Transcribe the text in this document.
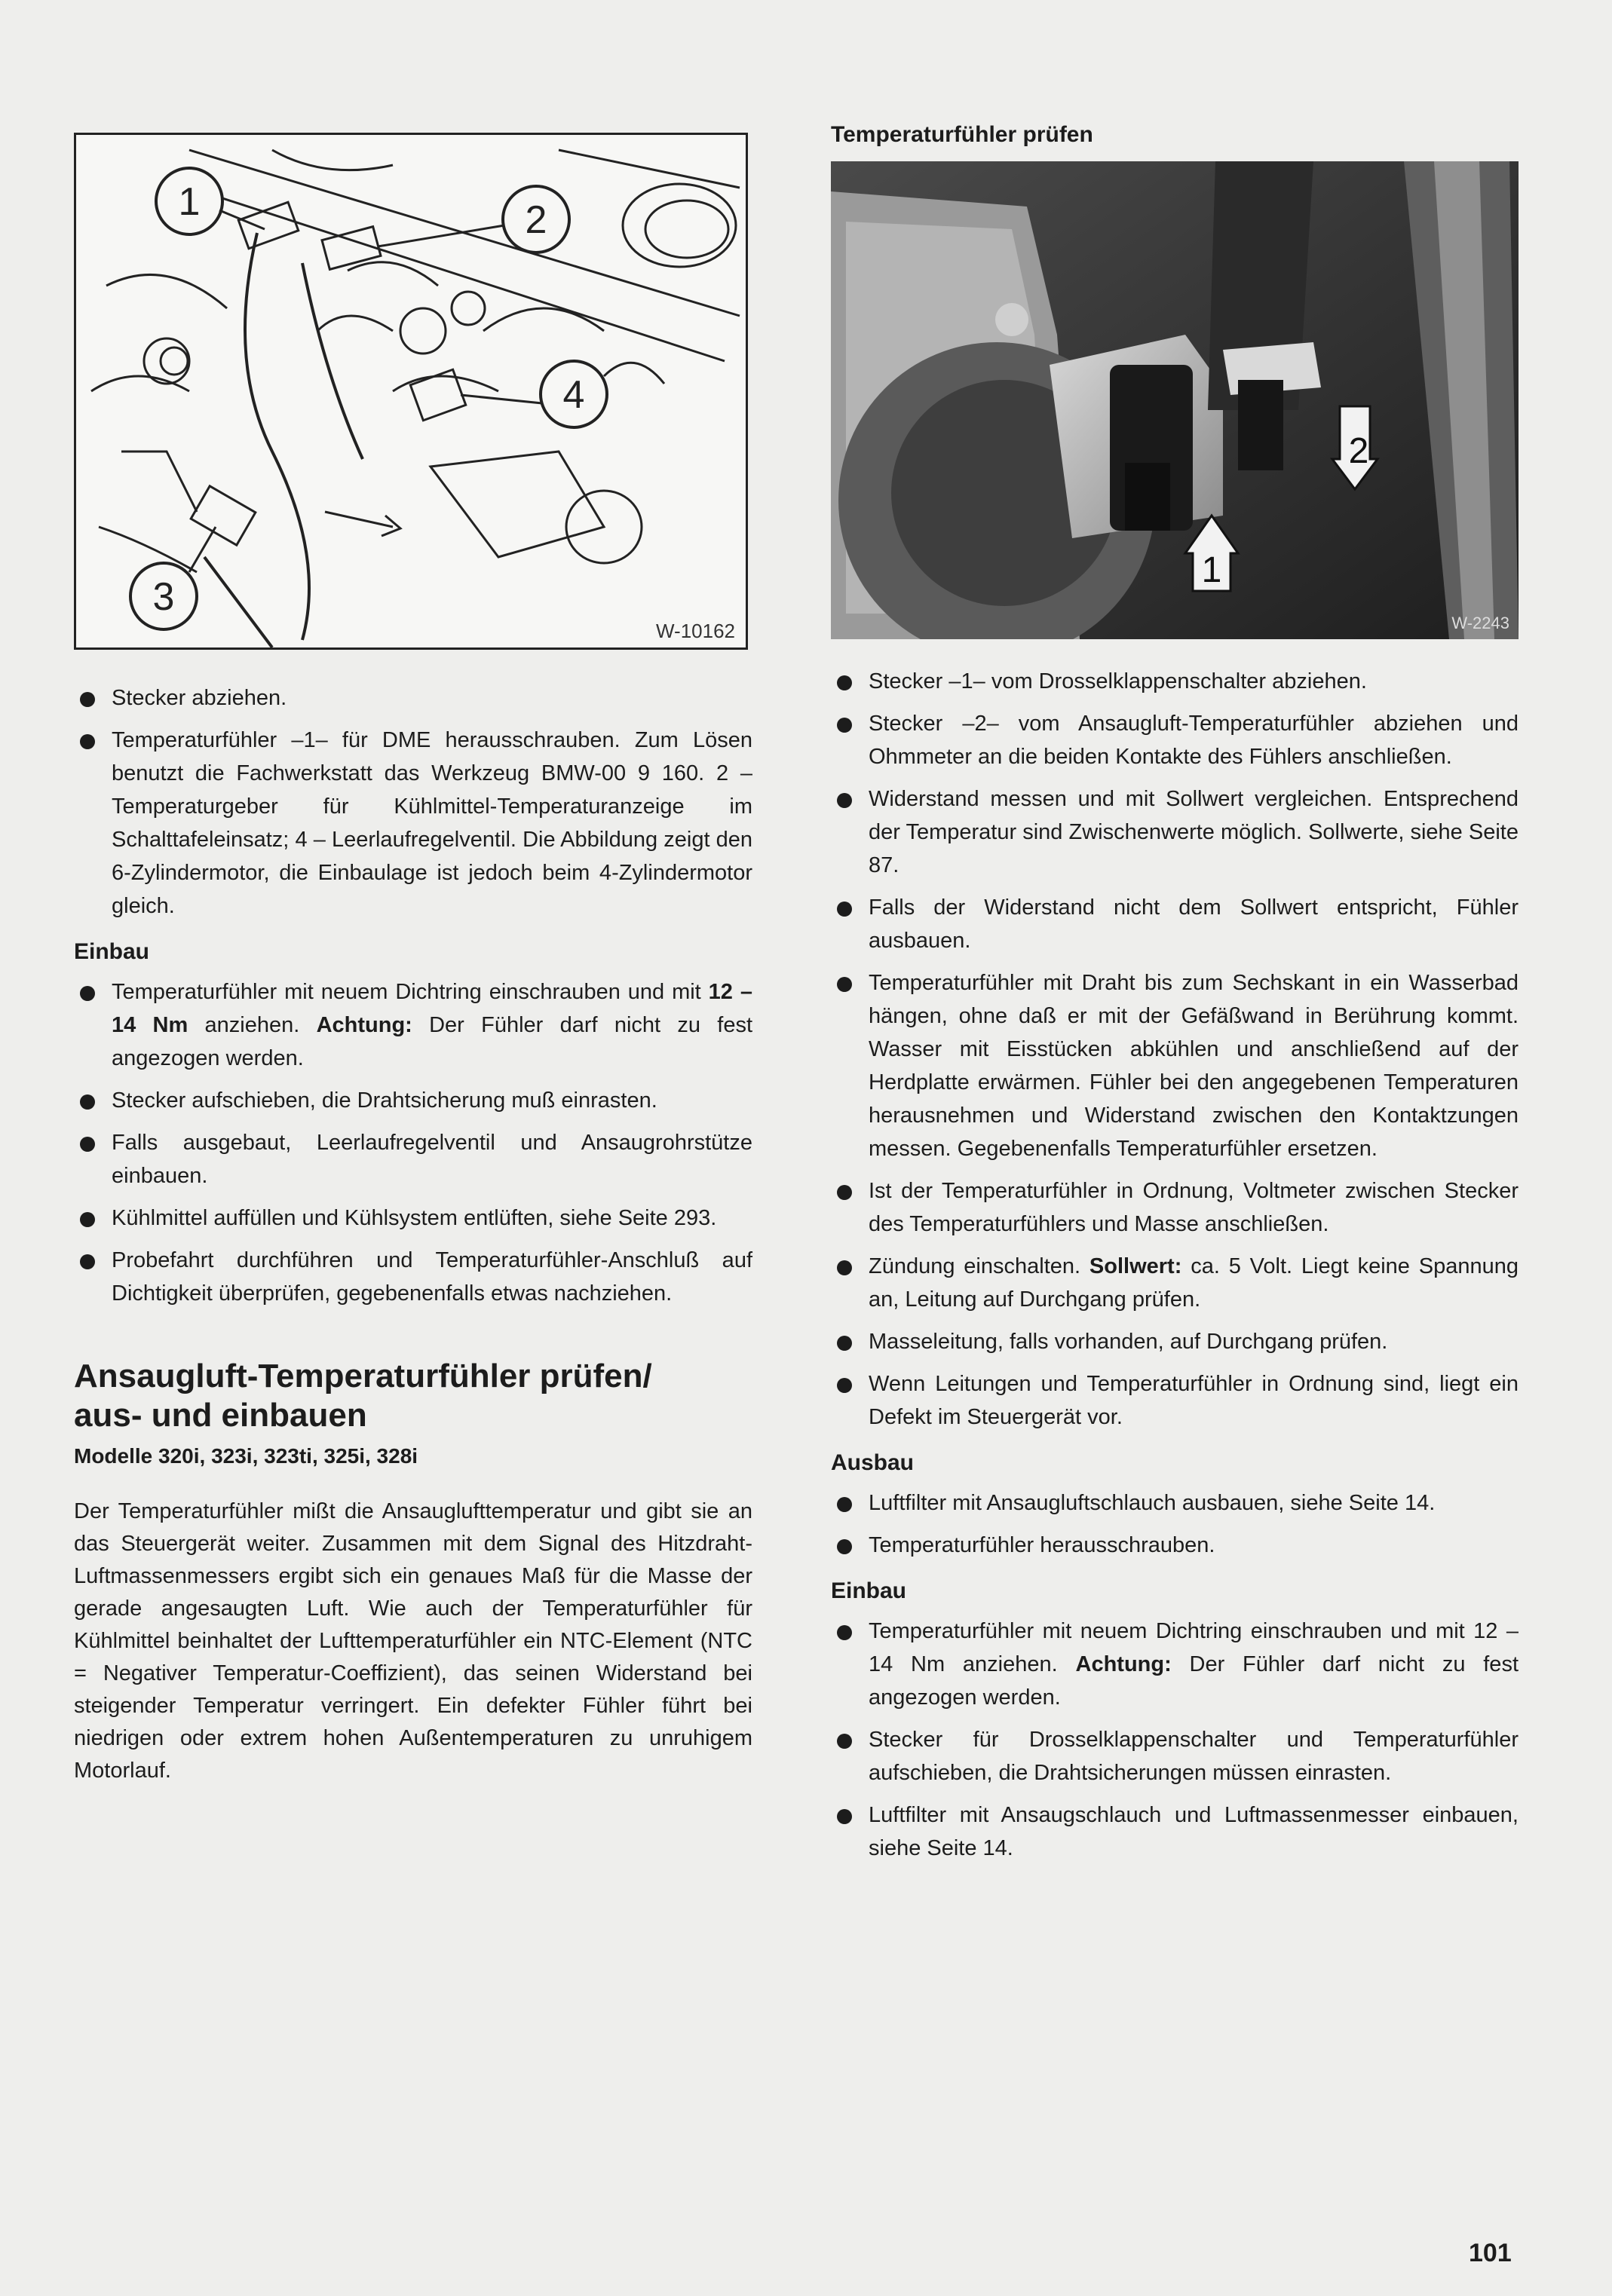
1	2
3
4
W-10162
Stecker abziehen.
Temperaturfühler –1– für DME herausschrauben. Zum Lösen benutzt die Fachwerkstatt das Werkzeug BMW-00 9 160. 2 – Temperaturgeber für Kühlmittel-Temperaturanzeige im Schalttafeleinsatz; 4 – Leerlaufregelventil. Die Abbildung zeigt den 6-Zylindermotor, die Einbaulage ist jedoch beim 4-Zylindermotor gleich.
Einbau
Temperaturfühler mit neuem Dichtring einschrauben und mit 12 – 14 Nm anziehen. Achtung: Der Fühler darf nicht zu fest angezogen werden.
Stecker aufschieben, die Drahtsicherung muß einrasten.
Falls ausgebaut, Leerlaufregelventil und Ansaugrohrstütze einbauen.
Kühlmittel auffüllen und Kühlsystem entlüften, siehe Seite 293.
Probefahrt durchführen und Temperaturfühler-Anschluß auf Dichtigkeit überprüfen, gegebenenfalls etwas nachziehen.
Ansaugluft-Temperaturfühler prüfen/
aus- und einbauen
Modelle 320i, 323i, 323ti, 325i, 328i

Der Temperaturfühler mißt die Ansauglufttemperatur und gibt sie an das Steuergerät weiter. Zusammen mit dem Signal des Hitzdraht-Luftmassenmessers ergibt sich ein genaues Maß für die Masse der gerade angesaugten Luft. Wie auch der Temperaturfühler für Kühlmittel beinhaltet der Lufttemperaturfühler ein NTC-Element (NTC = Negativer Temperatur-Coeffizient), das seinen Widerstand bei steigender Temperatur verringert. Ein defekter Fühler führt bei niedrigen oder extrem hohen Außentemperaturen zu unruhigem Motorlauf.

Temperaturfühler prüfen
1
2
W-2243
Stecker –1– vom Drosselklappenschalter abziehen.
Stecker –2– vom Ansaugluft-Temperaturfühler abziehen und Ohmmeter an die beiden Kontakte des Fühlers anschließen.
Widerstand messen und mit Sollwert vergleichen. Entsprechend der Temperatur sind Zwischenwerte möglich. Sollwerte, siehe Seite 87.
Falls der Widerstand nicht dem Sollwert entspricht, Fühler ausbauen.
Temperaturfühler mit Draht bis zum Sechskant in ein Wasserbad hängen, ohne daß er mit der Gefäßwand in Berührung kommt. Wasser mit Eisstücken abkühlen und anschließend auf der Herdplatte erwärmen. Fühler bei den angegebenen Temperaturen herausnehmen und Widerstand zwischen den Kontaktzungen messen. Gegebenenfalls Temperaturfühler ersetzen.
Ist der Temperaturfühler in Ordnung, Voltmeter zwischen Stecker des Temperaturfühlers und Masse anschließen.
Zündung einschalten. Sollwert: ca. 5 Volt. Liegt keine Spannung an, Leitung auf Durchgang prüfen.
Masseleitung, falls vorhanden, auf Durchgang prüfen.
Wenn Leitungen und Temperaturfühler in Ordnung sind, liegt ein Defekt im Steuergerät vor.
Ausbau
Luftfilter mit Ansaugluftschlauch ausbauen, siehe Seite 14.
Temperaturfühler herausschrauben.
Einbau
Temperaturfühler mit neuem Dichtring einschrauben und mit 12 – 14 Nm anziehen. Achtung: Der Fühler darf nicht zu fest angezogen werden.
Stecker für Drosselklappenschalter und Temperaturfühler aufschieben, die Drahtsicherungen müssen einrasten.
Luftfilter mit Ansaugschlauch und Luftmassenmesser einbauen, siehe Seite 14.
101
